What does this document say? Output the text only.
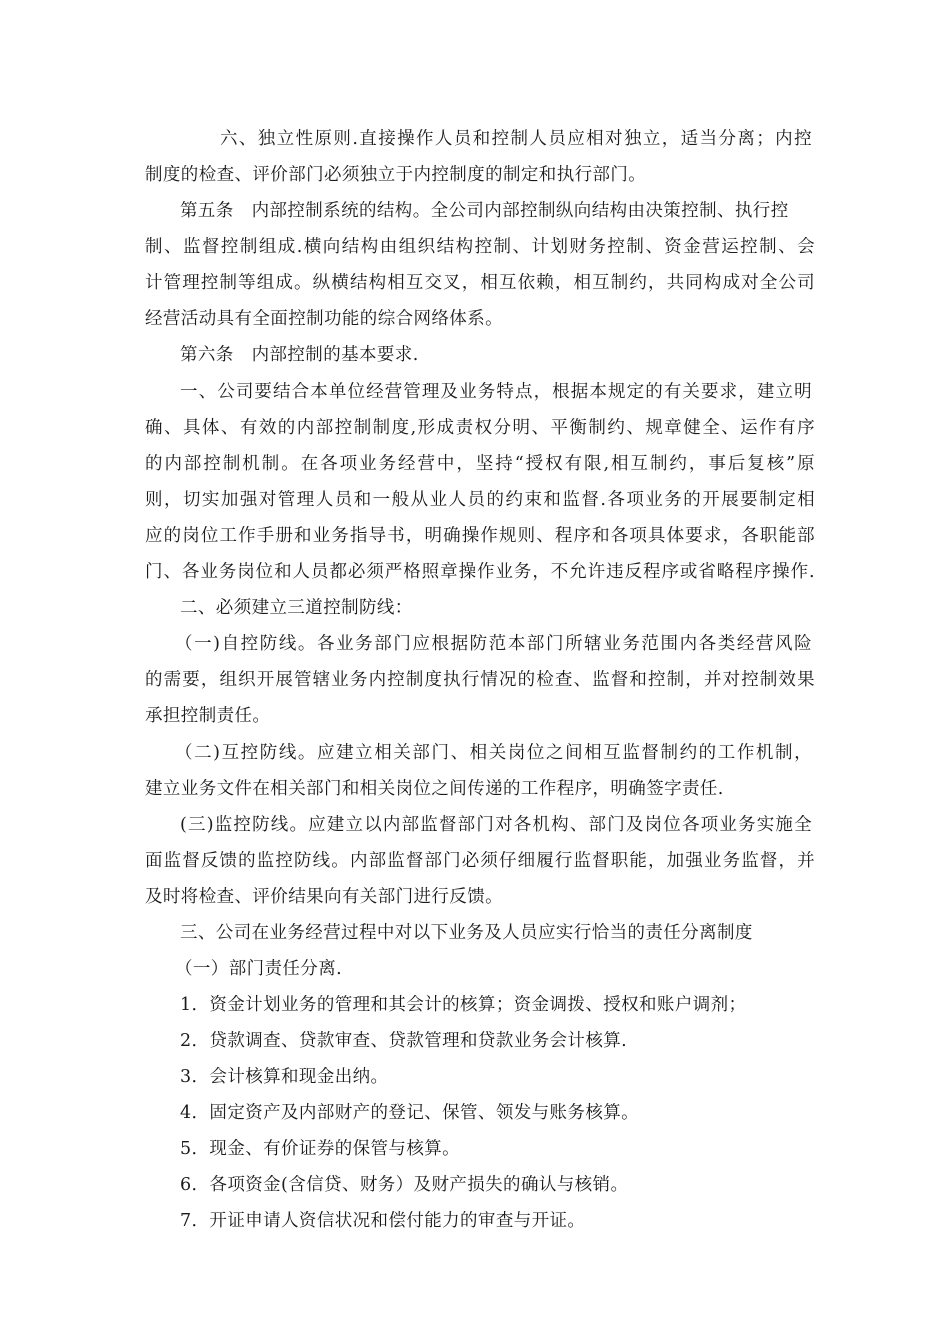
六、独立性原则.直接操作人员和控制人员应相对独立，适当分离；内控
制度的检查、评价部门必须独立于内控制度的制定和执行部门。
第五条　内部控制系统的结构。全公司内部控制纵向结构由决策控制、执行控
制、监督控制组成.横向结构由组织结构控制、计划财务控制、资金营运控制、会
计管理控制等组成。纵横结构相互交叉，相互依赖，相互制约，共同构成对全公司
经营活动具有全面控制功能的综合网络体系。
第六条　内部控制的基本要求.
一、公司要结合本单位经营管理及业务特点，根据本规定的有关要求，建立明
确、具体、有效的内部控制制度,形成责权分明、平衡制约、规章健全、运作有序
的内部控制机制。在各项业务经营中，坚持“授权有限,相互制约，事后复核”原
则，切实加强对管理人员和一般从业人员的约束和监督.各项业务的开展要制定相
应的岗位工作手册和业务指导书，明确操作规则、程序和各项具体要求，各职能部
门、各业务岗位和人员都必须严格照章操作业务，不允许违反程序或省略程序操作.
二、必须建立三道控制防线：
（一)自控防线。各业务部门应根据防范本部门所辖业务范围内各类经营风险
的需要，组织开展管辖业务内控制度执行情况的检查、监督和控制，并对控制效果
承担控制责任。
（二)互控防线。应建立相关部门、相关岗位之间相互监督制约的工作机制，
建立业务文件在相关部门和相关岗位之间传递的工作程序，明确签字责任.
(三)监控防线。应建立以内部监督部门对各机构、部门及岗位各项业务实施全
面监督反馈的监控防线。内部监督部门必须仔细履行监督职能，加强业务监督，并
及时将检查、评价结果向有关部门进行反馈。
三、公司在业务经营过程中对以下业务及人员应实行恰当的责任分离制度
（一）部门责任分离.
1．资金计划业务的管理和其会计的核算；资金调拨、授权和账户调剂；
2．贷款调查、贷款审查、贷款管理和贷款业务会计核算.
3．会计核算和现金出纳。
4．固定资产及内部财产的登记、保管、领发与账务核算。
5．现金、有价证券的保管与核算。
6．各项资金(含信贷、财务）及财产损失的确认与核销。
7．开证申请人资信状况和偿付能力的审查与开证。
